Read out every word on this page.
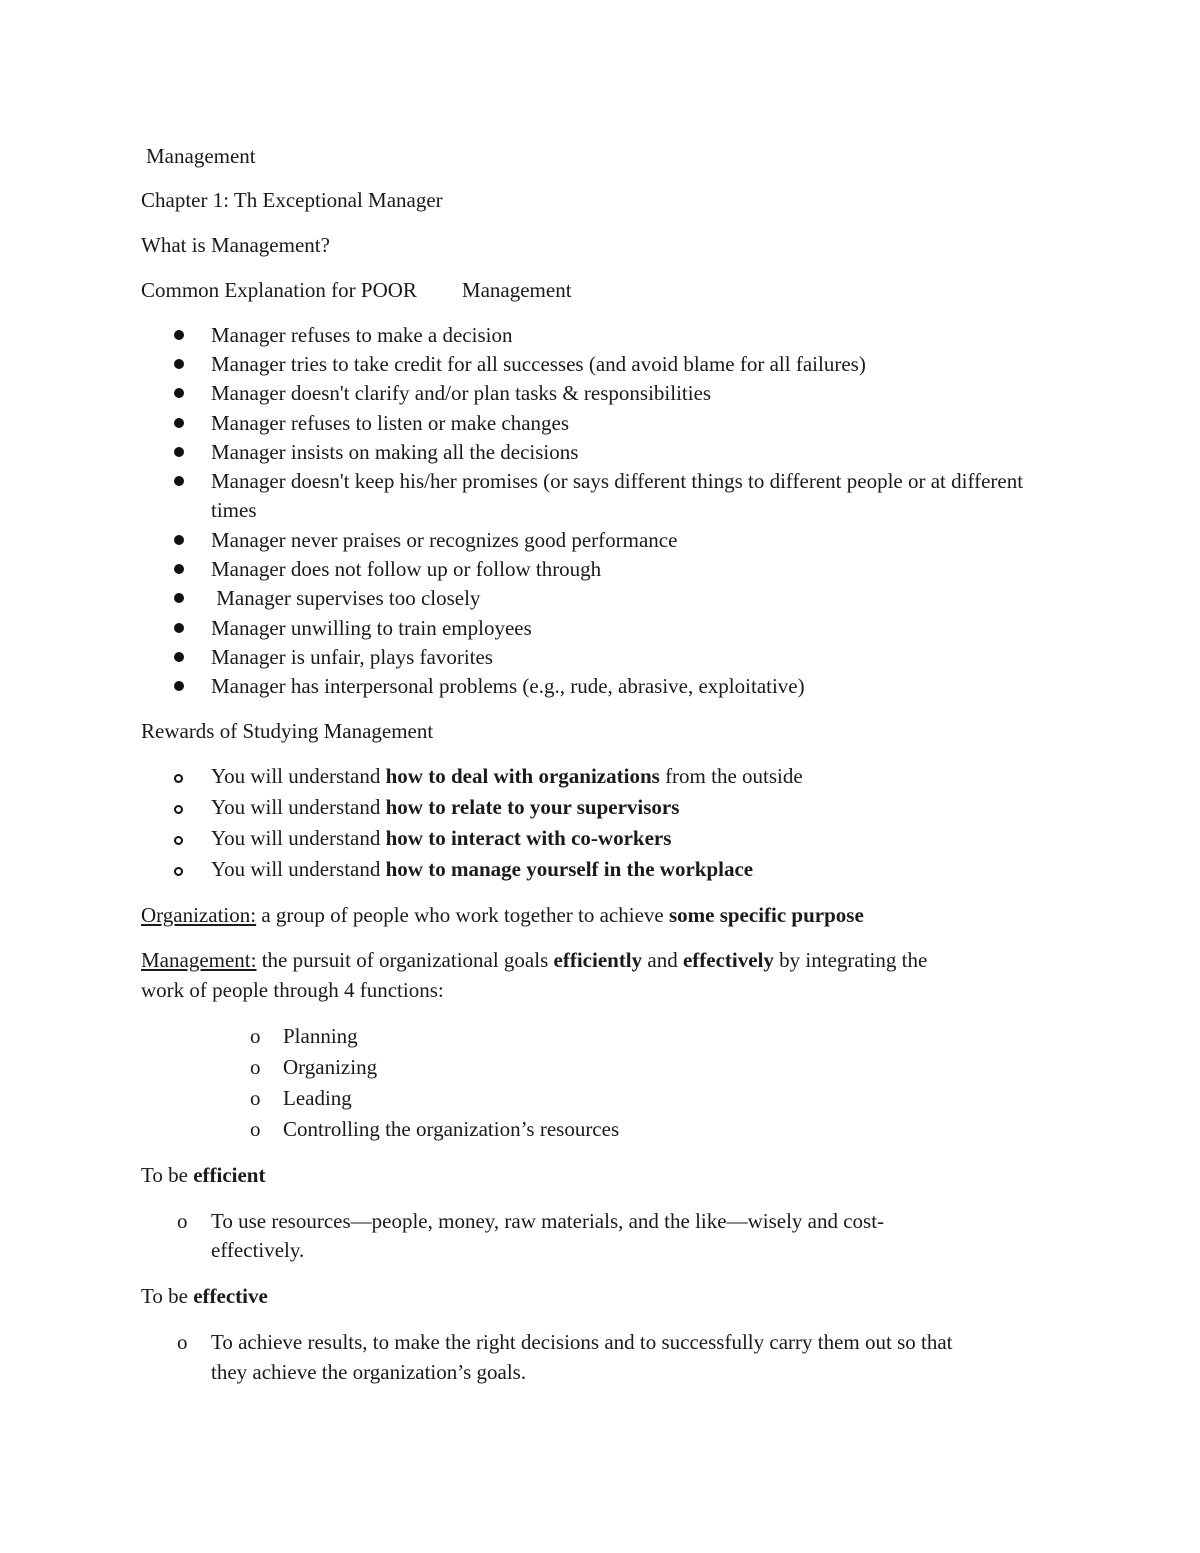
Management
Chapter 1: Th Exceptional Manager
What is Management?
Common Explanation for POOR Management
Manager refuses to make a decision
Manager tries to take credit for all successes (and avoid blame for all failures)
Manager doesn't clarify and/or plan tasks & responsibilities
Manager refuses to listen or make changes
Manager insists on making all the decisions
Manager doesn't keep his/her promises (or says different things to different people or at different times
Manager never praises or recognizes good performance
Manager does not follow up or follow through
Manager supervises too closely
Manager unwilling to train employees
Manager is unfair, plays favorites
Manager has interpersonal problems (e.g., rude, abrasive, exploitative)
Rewards of Studying Management
You will understand how to deal with organizations from the outside
You will understand how to relate to your supervisors
You will understand how to interact with co-workers
You will understand how to manage yourself in the workplace
Organization: a group of people who work together to achieve some specific purpose
Management: the pursuit of organizational goals efficiently and effectively by integrating the
work of people through 4 functions:
o Planning
o Organizing
o Leading
o Controlling the organization’s resources
To be efficient
o To use resources—people, money, raw materials, and the like—wisely and cost-
effectively.
To be effective
o To achieve results, to make the right decisions and to successfully carry them out so that
they achieve the organization’s goals.
